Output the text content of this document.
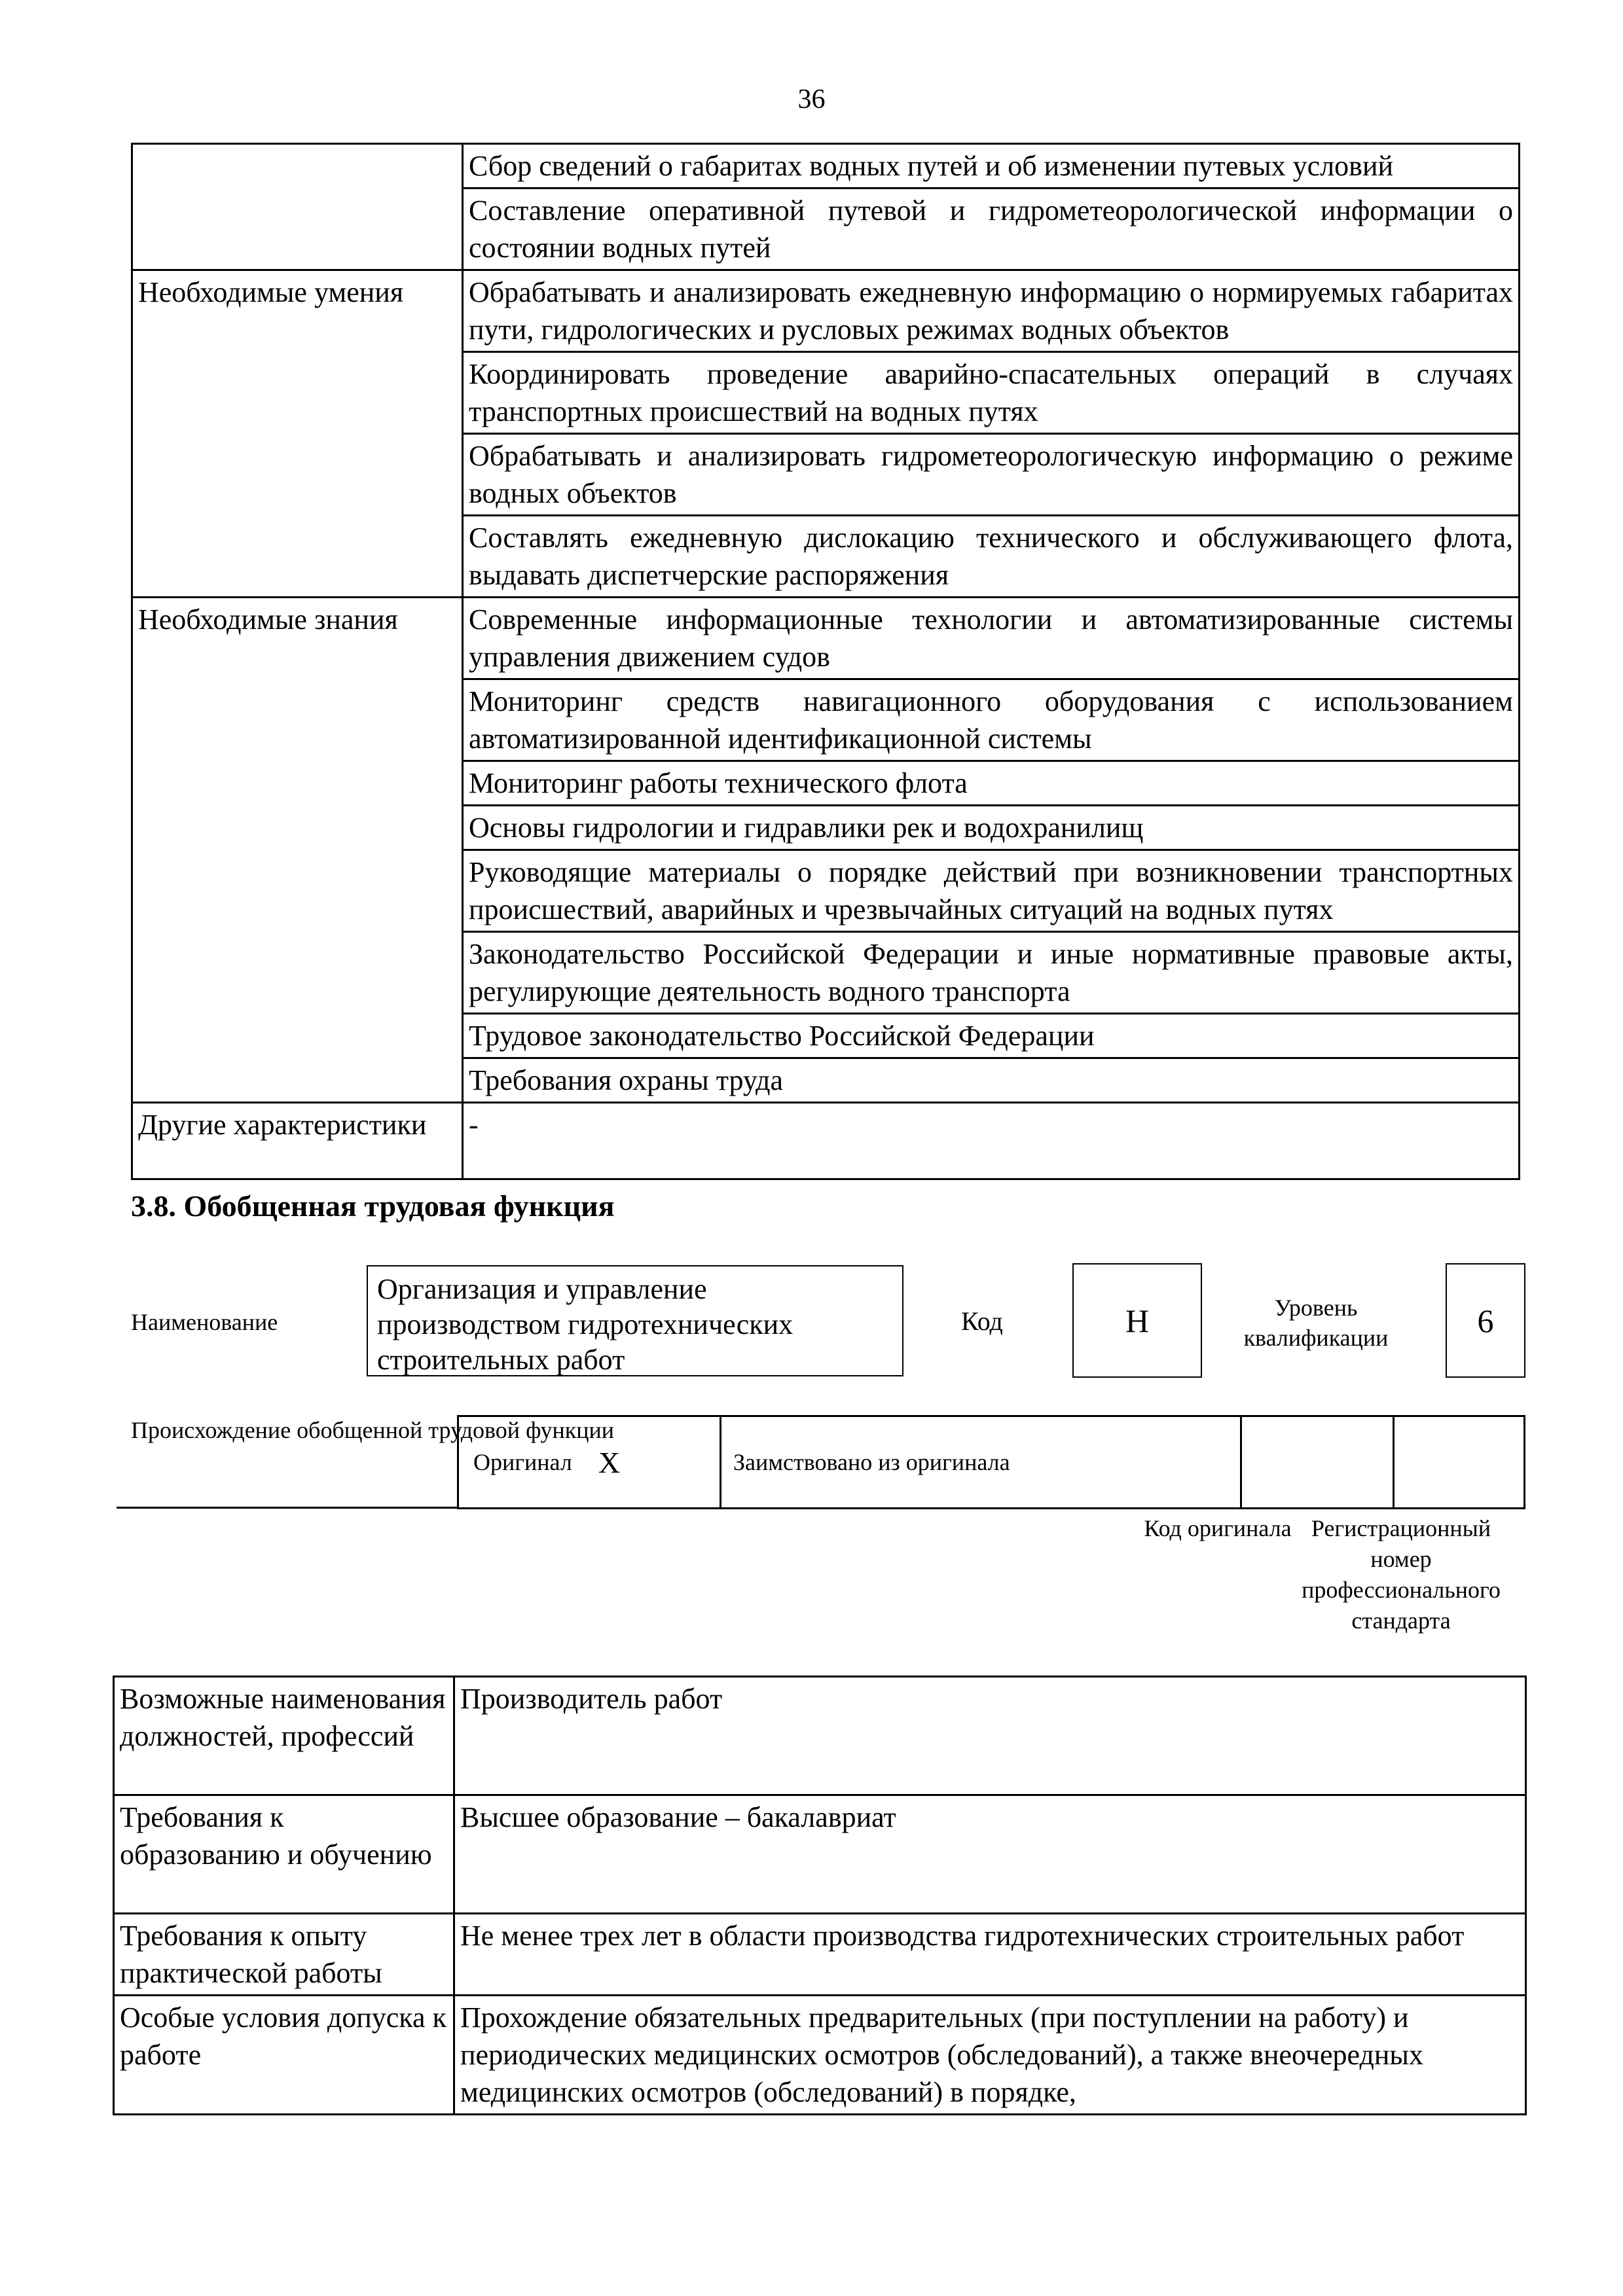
36
	Сбор сведений о габаритах водных путей и об изменении путевых условий
	Составление оперативной путевой и гидрометеорологической информации о состоянии водных путей
Необходимые умения	Обрабатывать и анализировать ежедневную информацию о нормируемых габаритах пути, гидрологических и русловых режимах водных объектов
	Координировать проведение аварийно-спасательных операций в случаях транспортных происшествий на водных путях
	Обрабатывать и анализировать гидрометеорологическую информацию о режиме водных объектов
	Составлять ежедневную дислокацию технического и обслуживающего флота, выдавать диспетчерские распоряжения
Необходимые знания	Современные информационные технологии и автоматизированные системы управления движением судов
	Мониторинг средств навигационного оборудования с использованием автоматизированной идентификационной системы
	Мониторинг работы технического флота
	Основы гидрологии и гидравлики рек и водохранилищ
	Руководящие материалы о порядке действий при возникновении транспортных происшествий, аварийных и чрезвычайных ситуаций на водных путях
	Законодательство Российской Федерации и иные нормативные правовые акты, регулирующие деятельность водного транспорта
	Трудовое законодательство Российской Федерации
	Требования охраны труда
Другие характеристики	-
3.8. Обобщенная трудовая функция
Наименование
Организация и управление производством гидротехнических строительных работ
Код	H	Уровень квалификации	6
Происхождение обобщенной трудовой функции
Оригинал X	Заимствовано из оригинала
Код оригинала Регистрационный номер профессионального стандарта
Возможные наименования должностей, профессий	Производитель работ
Требования к образованию и обучению	Высшее образование – бакалавриат
Требования к опыту практической работы	Не менее трех лет в области производства гидротехнических строительных работ
Особые условия допуска к работе	Прохождение обязательных предварительных (при поступлении на работу) и периодических медицинских осмотров (обследований), а также внеочередных медицинских осмотров (обследований) в порядке,
